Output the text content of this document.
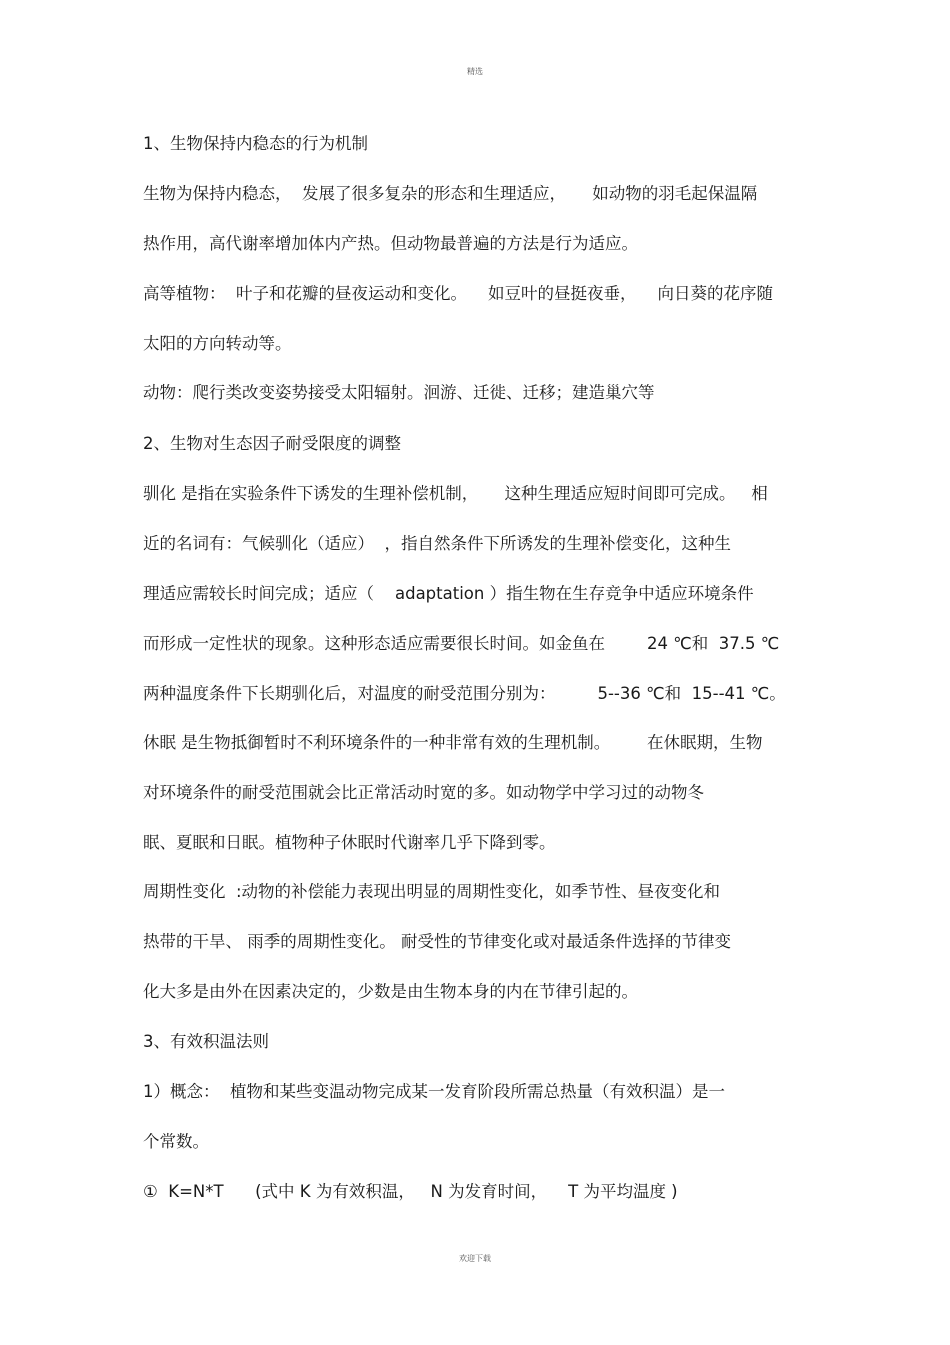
精选
1、生物保持内稳态的行为机制
生物为保持内稳态，  发展了很多复杂的形态和生理适应，     如动物的羽毛起保温隔
热作用，高代谢率增加体内产热。但动物最普遍的方法是行为适应。
高等植物：  叶子和花瓣的昼夜运动和变化。    如豆叶的昼挺夜垂，    向日葵的花序随
太阳的方向转动等。
动物：爬行类改变姿势接受太阳辐射。洄游、迁徙、迁移；建造巢穴等
2、生物对生态因子耐受限度的调整
驯化 是指在实验条件下诱发的生理补偿机制，     这种生理适应短时间即可完成。   相
近的名词有：气候驯化（适应）  ，指自然条件下所诱发的生理补偿变化，这种生
理适应需较长时间完成；适应（    adaptation ）指生物在生存竞争中适应环境条件
而形成一定性状的现象。这种形态适应需要很长时间。如金鱼在        24 ℃和  37.5 ℃
两种温度条件下长期驯化后，对温度的耐受范围分别为：        5--36 ℃和  15--41 ℃。
休眠 是生物抵御暂时不利环境条件的一种非常有效的生理机制。       在休眠期，生物
对环境条件的耐受范围就会比正常活动时宽的多。如动物学中学习过的动物冬
眠、夏眠和日眠。植物种子休眠时代谢率几乎下降到零。
周期性变化  :动物的补偿能力表现出明显的周期性变化，如季节性、昼夜变化和
热带的干旱、 雨季的周期性变化。 耐受性的节律变化或对最适条件选择的节律变
化大多是由外在因素决定的，少数是由生物本身的内在节律引起的。
3、有效积温法则
1）概念：  植物和某些变温动物完成某一发育阶段所需总热量（有效积温）是一
个常数。
①  K=N*T      (式中 K 为有效积温，   N 为发育时间，    T 为平均温度 )
欢迎下载
